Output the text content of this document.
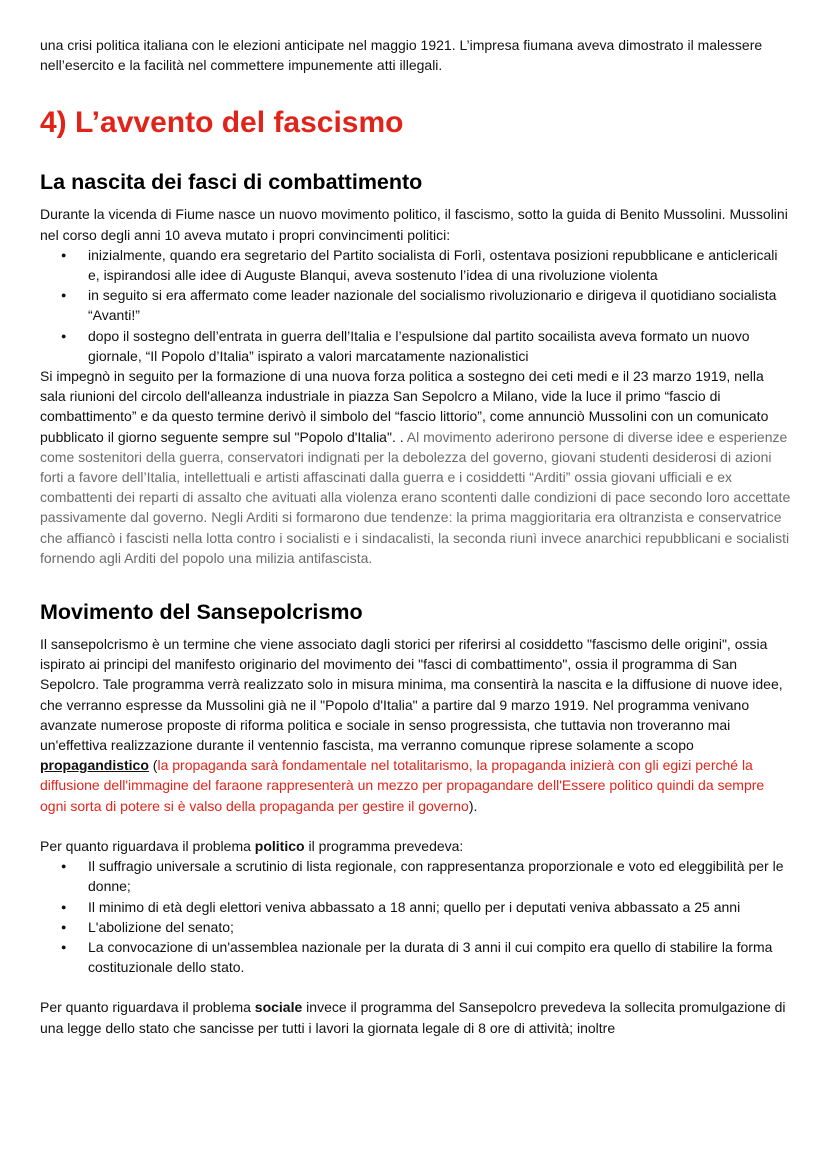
una crisi politica italiana con le elezioni anticipate nel maggio 1921. L’impresa fiumana aveva dimostrato il malessere nell’esercito e la facilità nel commettere impunemente atti illegali.

4) L’avvento del fascismo
La nascita dei fasci di combattimento

Durante la vicenda di Fiume nasce un nuovo movimento politico, il fascismo, sotto la guida di Benito Mussolini. Mussolini nel corso degli anni 10 aveva mutato i propri convincimenti politici:

● inizialmente, quando era segretario del Partito socialista di Forlì, ostentava posizioni repubblicane e anticlericali e, ispirandosi alle idee di Auguste Blanqui, aveva sostenuto l’idea di una rivoluzione violenta
● in seguito si era affermato come leader nazionale del socialismo rivoluzionario e dirigeva il quotidiano socialista “Avanti!”
● dopo il sostegno dell’entrata in guerra dell’Italia e l’espulsione dal partito socailista aveva formato un nuovo giornale, “Il Popolo d’Italia” ispirato a valori marcatamente nazionalistici

Si impegnò in seguito per la formazione di una nuova forza politica a sostegno dei ceti medi e il 23 marzo 1919, nella sala riunioni del circolo dell'alleanza industriale in piazza San Sepolcro a Milano, vide la luce il primo “fascio di combattimento” e da questo termine derivò il simbolo del “fascio littorio”, come annunciò Mussolini con un comunicato pubblicato il giorno seguente sempre sul "Popolo d'Italia". . Al movimento aderirono persone di diverse idee e esperienze come sostenitori della guerra, conservatori indignati per la debolezza del governo, giovani studenti desiderosi di azioni forti a favore dell’Italia, intellettuali e artisti affascinati dalla guerra e i cosiddetti “Arditi” ossia giovani ufficiali e ex combattenti dei reparti di assalto che avituati alla violenza erano scontenti dalle condizioni di pace secondo loro accettate passivamente dal governo. Negli Arditi si formarono due tendenze: la prima maggioritaria era oltranzista e conservatrice che affiancò i fascisti nella lotta contro i socialisti e i sindacalisti, la seconda riunì invece anarchici repubblicani e socialisti fornendo agli Arditi del popolo una milizia antifascista.

Movimento del Sansepolcrismo

Il sansepolcrismo è un termine che viene associato dagli storici per riferirsi al cosiddetto "fascismo delle origini", ossia ispirato ai principi del manifesto originario del movimento dei "fasci di combattimento", ossia il programma di San Sepolcro. Tale programma verrà realizzato solo in misura minima, ma consentirà la nascita e la diffusione di nuove idee, che verranno espresse da Mussolini già ne il "Popolo d'Italia" a partire dal 9 marzo 1919. Nel programma venivano avanzate numerose proposte di riforma politica e sociale in senso progressista, che tuttavia non troveranno mai un'effettiva realizzazione durante il ventennio fascista, ma verranno comunque riprese solamente a scopo propagandistico (la propaganda sarà fondamentale nel totalitarismo, la propaganda inizierà con gli egizi perché la diffusione dell'immagine del faraone rappresenterà un mezzo per propagandare dell'Essere politico quindi da sempre ogni sorta di potere si è valso della propaganda per gestire il governo).

Per quanto riguardava il problema politico il programma prevedeva:

● Il suffragio universale a scrutinio di lista regionale, con rappresentanza proporzionale e voto ed eleggibilità per le donne;
● Il minimo di età degli elettori veniva abbassato a 18 anni; quello per i deputati veniva abbassato a 25 anni
● L'abolizione del senato;
● La convocazione di un'assemblea nazionale per la durata di 3 anni il cui compito era quello di stabilire la forma costituzionale dello stato.

Per quanto riguardava il problema sociale invece il programma del Sansepolcro prevedeva la sollecita promulgazione di una legge dello stato che sancisse per tutti i lavori la giornata legale di 8 ore di attività; inoltre
